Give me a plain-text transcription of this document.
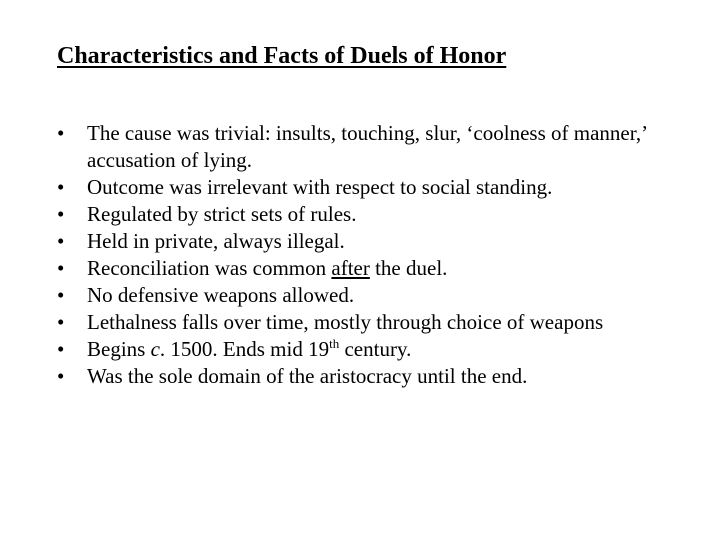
Characteristics and Facts of Duels of Honor
• The cause was trivial: insults, touching, slur, ‘coolness of manner,’ accusation of lying.
• Outcome was irrelevant with respect to social standing.
• Regulated by strict sets of rules.
• Held in private, always illegal.
• Reconciliation was common after the duel.
• No defensive weapons allowed.
• Lethalness falls over time, mostly through choice of weapons
• Begins c. 1500. Ends mid 19th century.
• Was the sole domain of the aristocracy until the end.
